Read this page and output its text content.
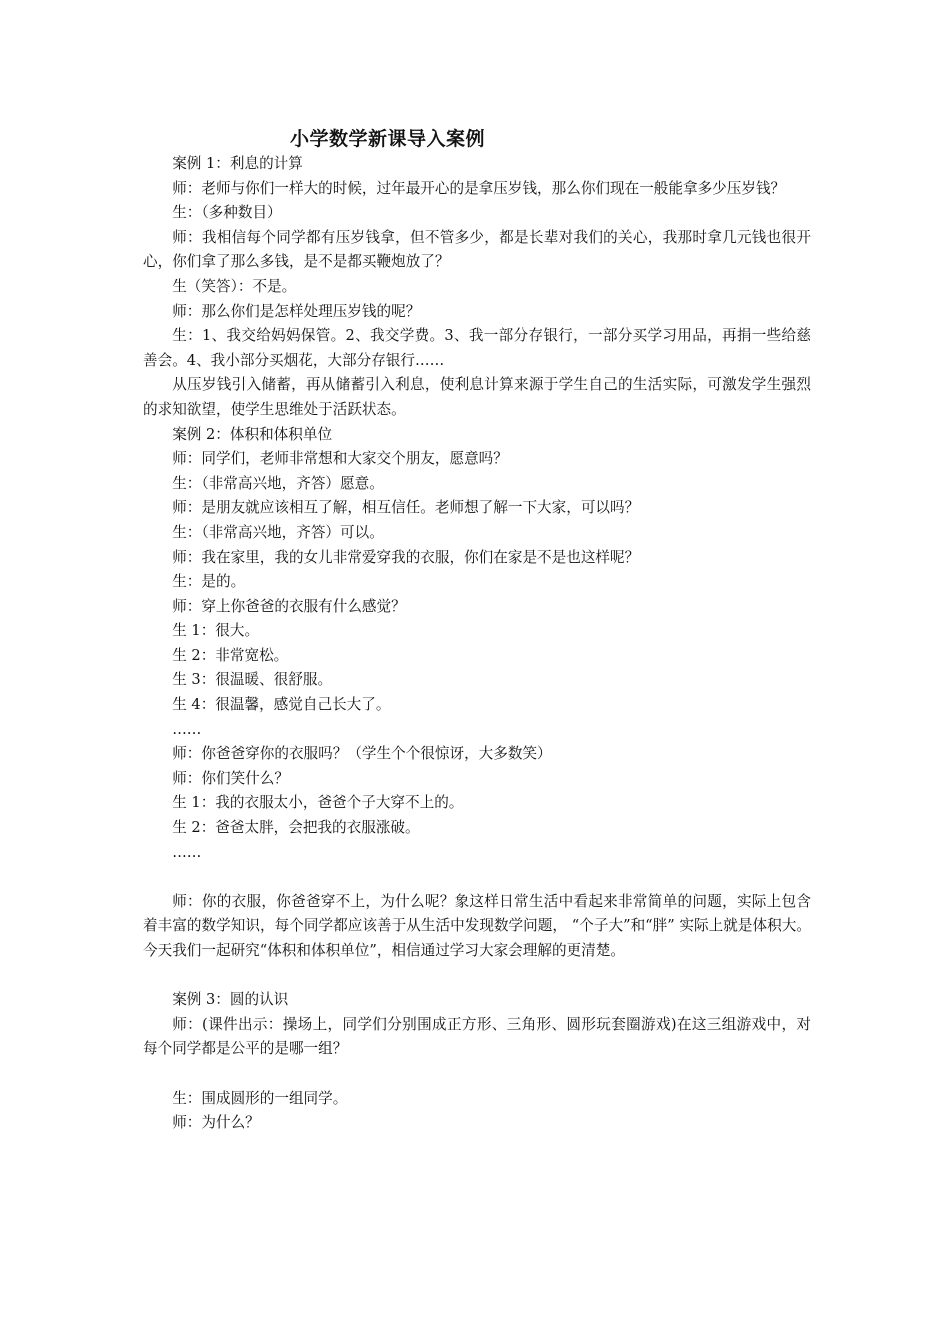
小学数学新课导入案例

案例 1：利息的计算

师：老师与你们一样大的时候，过年最开心的是拿压岁钱，那么你们现在一般能拿多少压岁钱？

生：（多种数目）

师：我相信每个同学都有压岁钱拿，但不管多少，都是长辈对我们的关心，我那时拿几元钱也很开心，你们拿了那么多钱，是不是都买鞭炮放了？

生（笑答）：不是。

师：那么你们是怎样处理压岁钱的呢？

生：1、我交给妈妈保管。2、我交学费。3、我一部分存银行，一部分买学习用品，再捐一些给慈善会。4、我小部分买烟花，大部分存银行……

从压岁钱引入储蓄，再从储蓄引入利息，使利息计算来源于学生自己的生活实际，可激发学生强烈的求知欲望，使学生思维处于活跃状态。

案例 2：体积和体积单位

师：同学们，老师非常想和大家交个朋友，愿意吗？

生：（非常高兴地，齐答）愿意。

师：是朋友就应该相互了解，相互信任。老师想了解一下大家，可以吗？

生：（非常高兴地，齐答）可以。

师：我在家里，我的女儿非常爱穿我的衣服，你们在家是不是也这样呢？

生：是的。

师：穿上你爸爸的衣服有什么感觉？

生 1：很大。

生 2：非常宽松。

生 3：很温暖、很舒服。

生 4：很温馨，感觉自己长大了。

……

师：你爸爸穿你的衣服吗？（学生个个很惊讶，大多数笑）

师：你们笑什么？

生 1：我的衣服太小，爸爸个子大穿不上的。

生 2：爸爸太胖，会把我的衣服涨破。

……

师：你的衣服，你爸爸穿不上，为什么呢？象这样日常生活中看起来非常简单的问题，实际上包含着丰富的数学知识，每个同学都应该善于从生活中发现数学问题， “个子大”和“胖” 实际上就是体积大。今天我们一起研究“体积和体积单位”，相信通过学习大家会理解的更清楚。

案例 3：圆的认识

师：(课件出示：操场上，同学们分别围成正方形、三角形、圆形玩套圈游戏)在这三组游戏中，对每个同学都是公平的是哪一组？

生：围成圆形的一组同学。

师：为什么？
